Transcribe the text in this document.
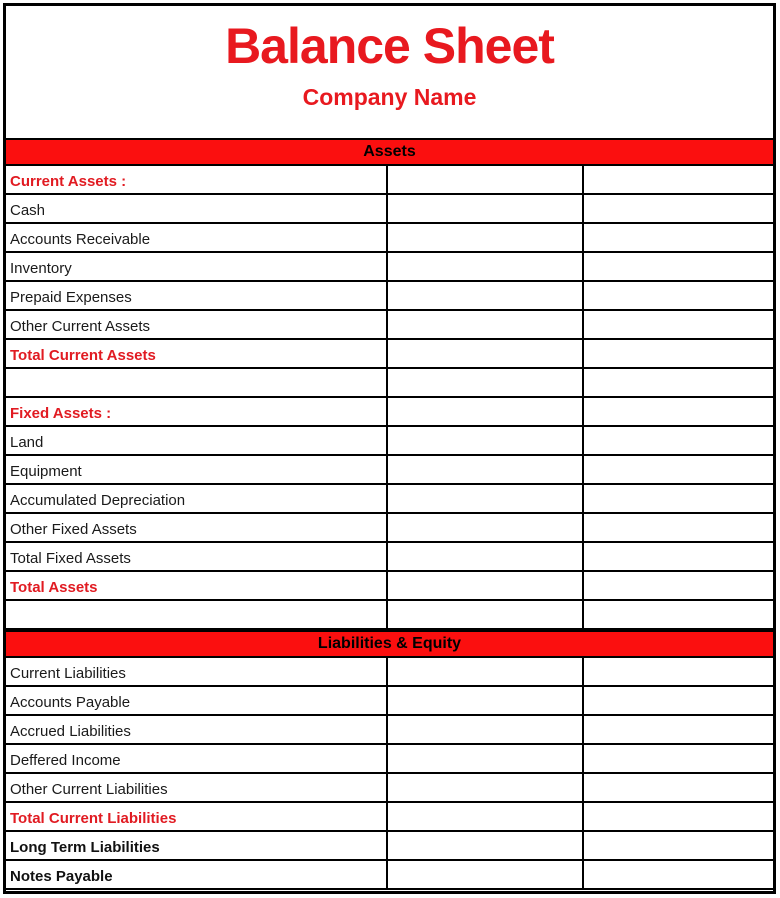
Balance Sheet
Company Name
Assets
Current Assets :
Cash
Accounts Receivable
Inventory
Prepaid Expenses
Other Current Assets
Total Current Assets
Fixed Assets :
Land
Equipment
Accumulated Depreciation
Other Fixed Assets
Total Fixed Assets
Total Assets
Liabilities & Equity
Current Liabilities
Accounts Payable
Accrued Liabilities
Deffered Income
Other Current Liabilities
Total Current Liabilities
Long Term Liabilities
Notes Payable
